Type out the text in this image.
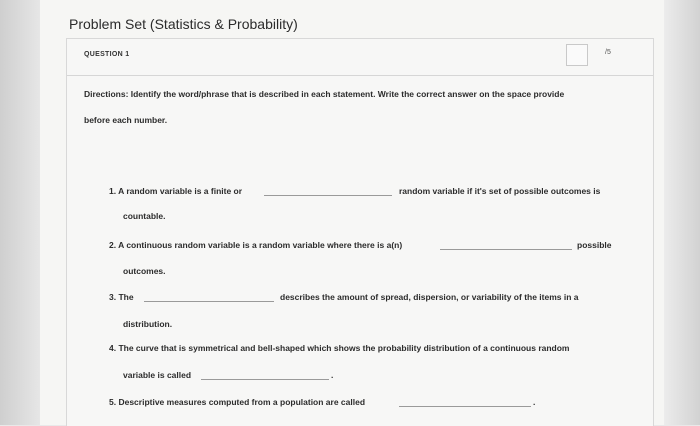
Problem Set (Statistics & Probability)
QUESTION 1	/5
Directions: Identify the word/phrase that is described in each statement. Write the correct answer on the space provide
before each number.
1. A random variable is a finite or	random variable if it's set of possible outcomes is
countable.
2. A continuous random variable is a random variable where there is a(n)	possible
outcomes.
3. The	describes the amount of spread, dispersion, or variability of the items in a
distribution.
4. The curve that is symmetrical and bell-shaped which shows the probability distribution of a continuous random
variable is called	.
5. Descriptive measures computed from a population are called	.
